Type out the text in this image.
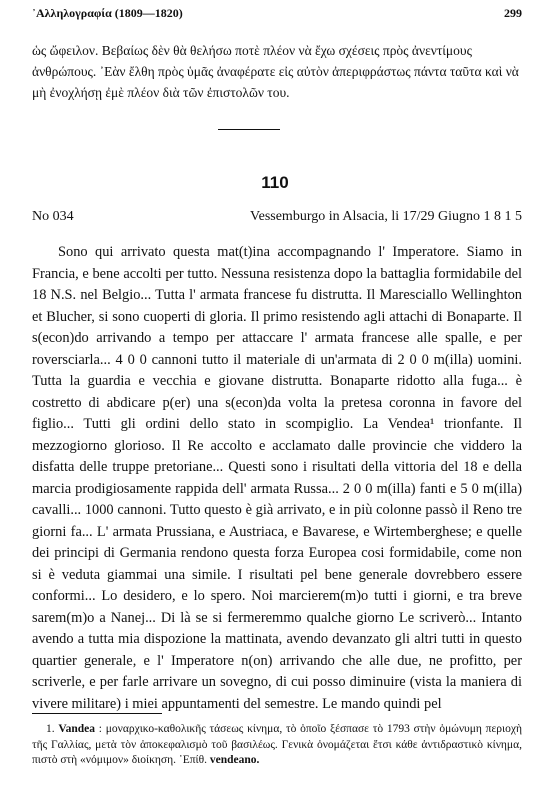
᾿Αλληλογραφία (1809—1820)	299

ὡς ὤφειλον. Βεβαίως δὲν θὰ θελήσω ποτὲ πλέον νὰ ἔχω σχέσεις πρὸς ἀνεντίμους ἀνθρώπους. ᾿Εὰν ἔλθη πρὸς ὑμᾶς ἀναφέρατε εἰς αὐτὸν ἀπεριφράστως πάντα ταῦτα καὶ νὰ μὴ ἐνοχλήσῃ ἐμὲ πλέον διὰ τῶν ἐπιστολῶν του.

110
No 034	Vessemburgo in Alsacia, li 17/29 Giugno 1 8 1 5

Sono qui arrivato questa mat(t)ina accompagnando l' Imperatore. Siamo in Francia, e bene accolti per tutto. Nessuna resistenza dopo la battaglia formidabile del 18 N.S. nel Belgio... Tutta l' armata francese fu distrutta. Il Maresciallo Wellinghton et Blucher, si sono cuoperti di gloria. Il primo resistendo agli attachi di Bonaparte. Il s(econ)do arrivando a tempo per attaccare l' armata francese alle spalle, e per roversciarla... 4 0 0 cannoni tutto il materiale di un'armata di 2 0 0 m(illa) uomini. Tutta la guardia e vecchia e giovane distrutta. Bonaparte ridotto alla fuga... è costretto di abdicare p(er) una s(econ)da volta la pretesa coronna in favore del figlio... Tutti gli ordini dello stato in scompiglio. La Vendea¹ trionfante. Il mezzogiorno glorioso. Il Re accolto e acclamato dalle provincie che viddero la disfatta delle truppe pretoriane... Questi sono i risultati della vittoria del 18 e della marcia prodigiosamente rappida dell' armata Russa... 2 0 0 m(illa) fanti e 5 0 m(illa) cavalli... 1000 cannoni. Tutto questo è già arrivato, e in più colonne passò il Reno tre giorni fa... L' armata Prussiana, e Austriaca, e Bavarese, e Wirtemberghese; e quelle dei principi di Germania rendono questa forza Europea cosi formidabile, come non si è veduta giammai una simile. I risultati pel bene generale dovrebbero essere conformi... Lo desidero, e lo spero. Noi marcierem(m)o tutti i giorni, e tra breve sarem(m)o a Nanej... Di là se si fermeremmo qualche giorno Le scriverò... Intanto avendo a tutta mia dispozione la mattinata, avendo devanzato gli altri tutti in questo quartier generale, e l' Imperatore n(on) arrivando che alle due, ne profitto, per scriverle, e per farle arrivare un sovegno, di cui posso diminuire (vista la maniera di vivere militare) i miei appuntamenti del semestre. Le mando quindi pel

1. Vandea : μοναρχικο-καθολικῆς τάσεως κίνημα, τὸ ὁποῖο ξέσπασε τὸ 1793 στὴν ὁμώνυμη περιοχὴ τῆς Γαλλίας, μετὰ τὸν ἀποκεφαλισμὸ τοῦ βασιλέως. Γενικὰ ὀνομάζεται ἔτσι κάθε ἀντιδραστικὸ κίνημα, πιστὸ στὴ «νόμιμον» διοίκηση. ᾿Επίθ. vendeano.
